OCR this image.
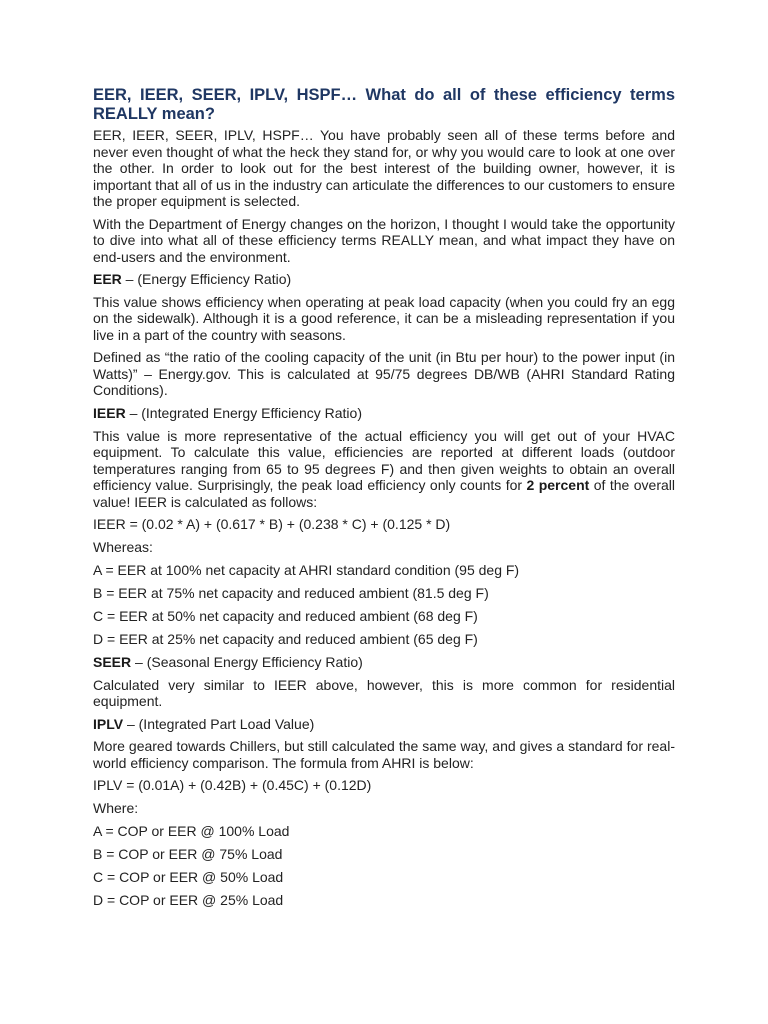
EER, IEER, SEER, IPLV, HSPF… What do all of these efficiency terms REALLY mean?

EER, IEER, SEER, IPLV, HSPF… You have probably seen all of these terms before and never even thought of what the heck they stand for, or why you would care to look at one over the other. In order to look out for the best interest of the building owner, however, it is important that all of us in the industry can articulate the differences to our customers to ensure the proper equipment is selected.

With the Department of Energy changes on the horizon, I thought I would take the opportunity to dive into what all of these efficiency terms REALLY mean, and what impact they have on end-users and the environment.

EER – (Energy Efficiency Ratio)

This value shows efficiency when operating at peak load capacity (when you could fry an egg on the sidewalk). Although it is a good reference, it can be a misleading representation if you live in a part of the country with seasons.

Defined as “the ratio of the cooling capacity of the unit (in Btu per hour) to the power input (in Watts)” – Energy.gov. This is calculated at 95/75 degrees DB/WB (AHRI Standard Rating Conditions).

IEER – (Integrated Energy Efficiency Ratio)

This value is more representative of the actual efficiency you will get out of your HVAC equipment. To calculate this value, efficiencies are reported at different loads (outdoor temperatures ranging from 65 to 95 degrees F) and then given weights to obtain an overall efficiency value. Surprisingly, the peak load efficiency only counts for 2 percent of the overall value! IEER is calculated as follows:

IEER = (0.02 * A) + (0.617 * B) + (0.238 * C) + (0.125 * D)

Whereas:

A = EER at 100% net capacity at AHRI standard condition (95 deg F)

B = EER at 75% net capacity and reduced ambient (81.5 deg F)

C = EER at 50% net capacity and reduced ambient (68 deg F)

D = EER at 25% net capacity and reduced ambient (65 deg F)

SEER – (Seasonal Energy Efficiency Ratio)

Calculated very similar to IEER above, however, this is more common for residential equipment.

IPLV – (Integrated Part Load Value)

More geared towards Chillers, but still calculated the same way, and gives a standard for real-world efficiency comparison. The formula from AHRI is below:

IPLV = (0.01A) + (0.42B) + (0.45C) + (0.12D)

Where:

A = COP or EER @ 100% Load

B = COP or EER @ 75% Load

C = COP or EER @ 50% Load

D = COP or EER @ 25% Load
